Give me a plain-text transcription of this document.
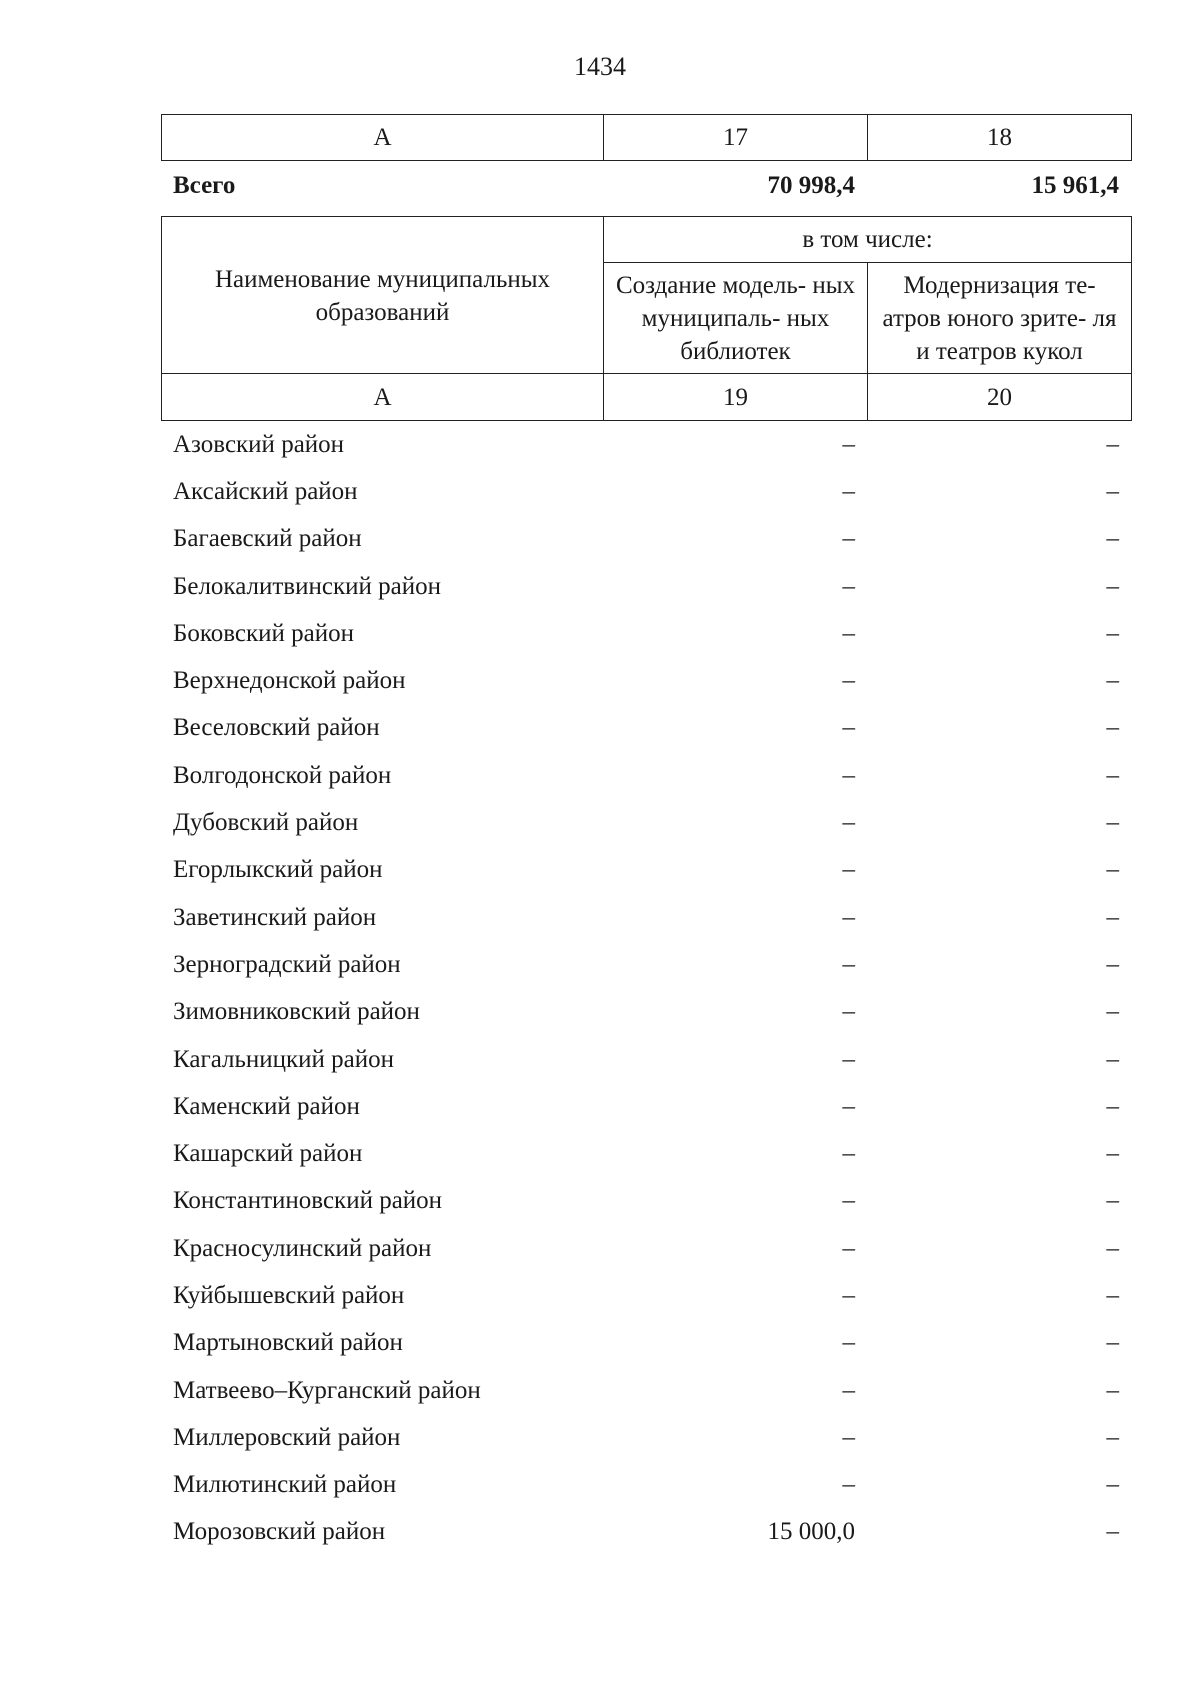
1434
А	17	18
Всего	70 998,4	15 961,4
Наименование муниципальных образований	в том числе:	
	Создание модель- ных муниципаль- ных библиотек	Модернизация те- атров юного зрите- ля и театров кукол
А	19	20
Азовский район	–	–
Аксайский район	–	–
Багаевский район	–	–
Белокалитвинский район	–	–
Боковский район	–	–
Верхнедонской район	–	–
Веселовский район	–	–
Волгодонской район	–	–
Дубовский район	–	–
Егорлыкский район	–	–
Заветинский район	–	–
Зерноградский район	–	–
Зимовниковский район	–	–
Кагальницкий район	–	–
Каменский район	–	–
Кашарский район	–	–
Константиновский район	–	–
Красносулинский район	–	–
Куйбышевский район	–	–
Мартыновский район	–	–
Матвеево–Курганский район	–	–
Миллеровский район	–	–
Милютинский район	–	–
Морозовский район	15 000,0	–
